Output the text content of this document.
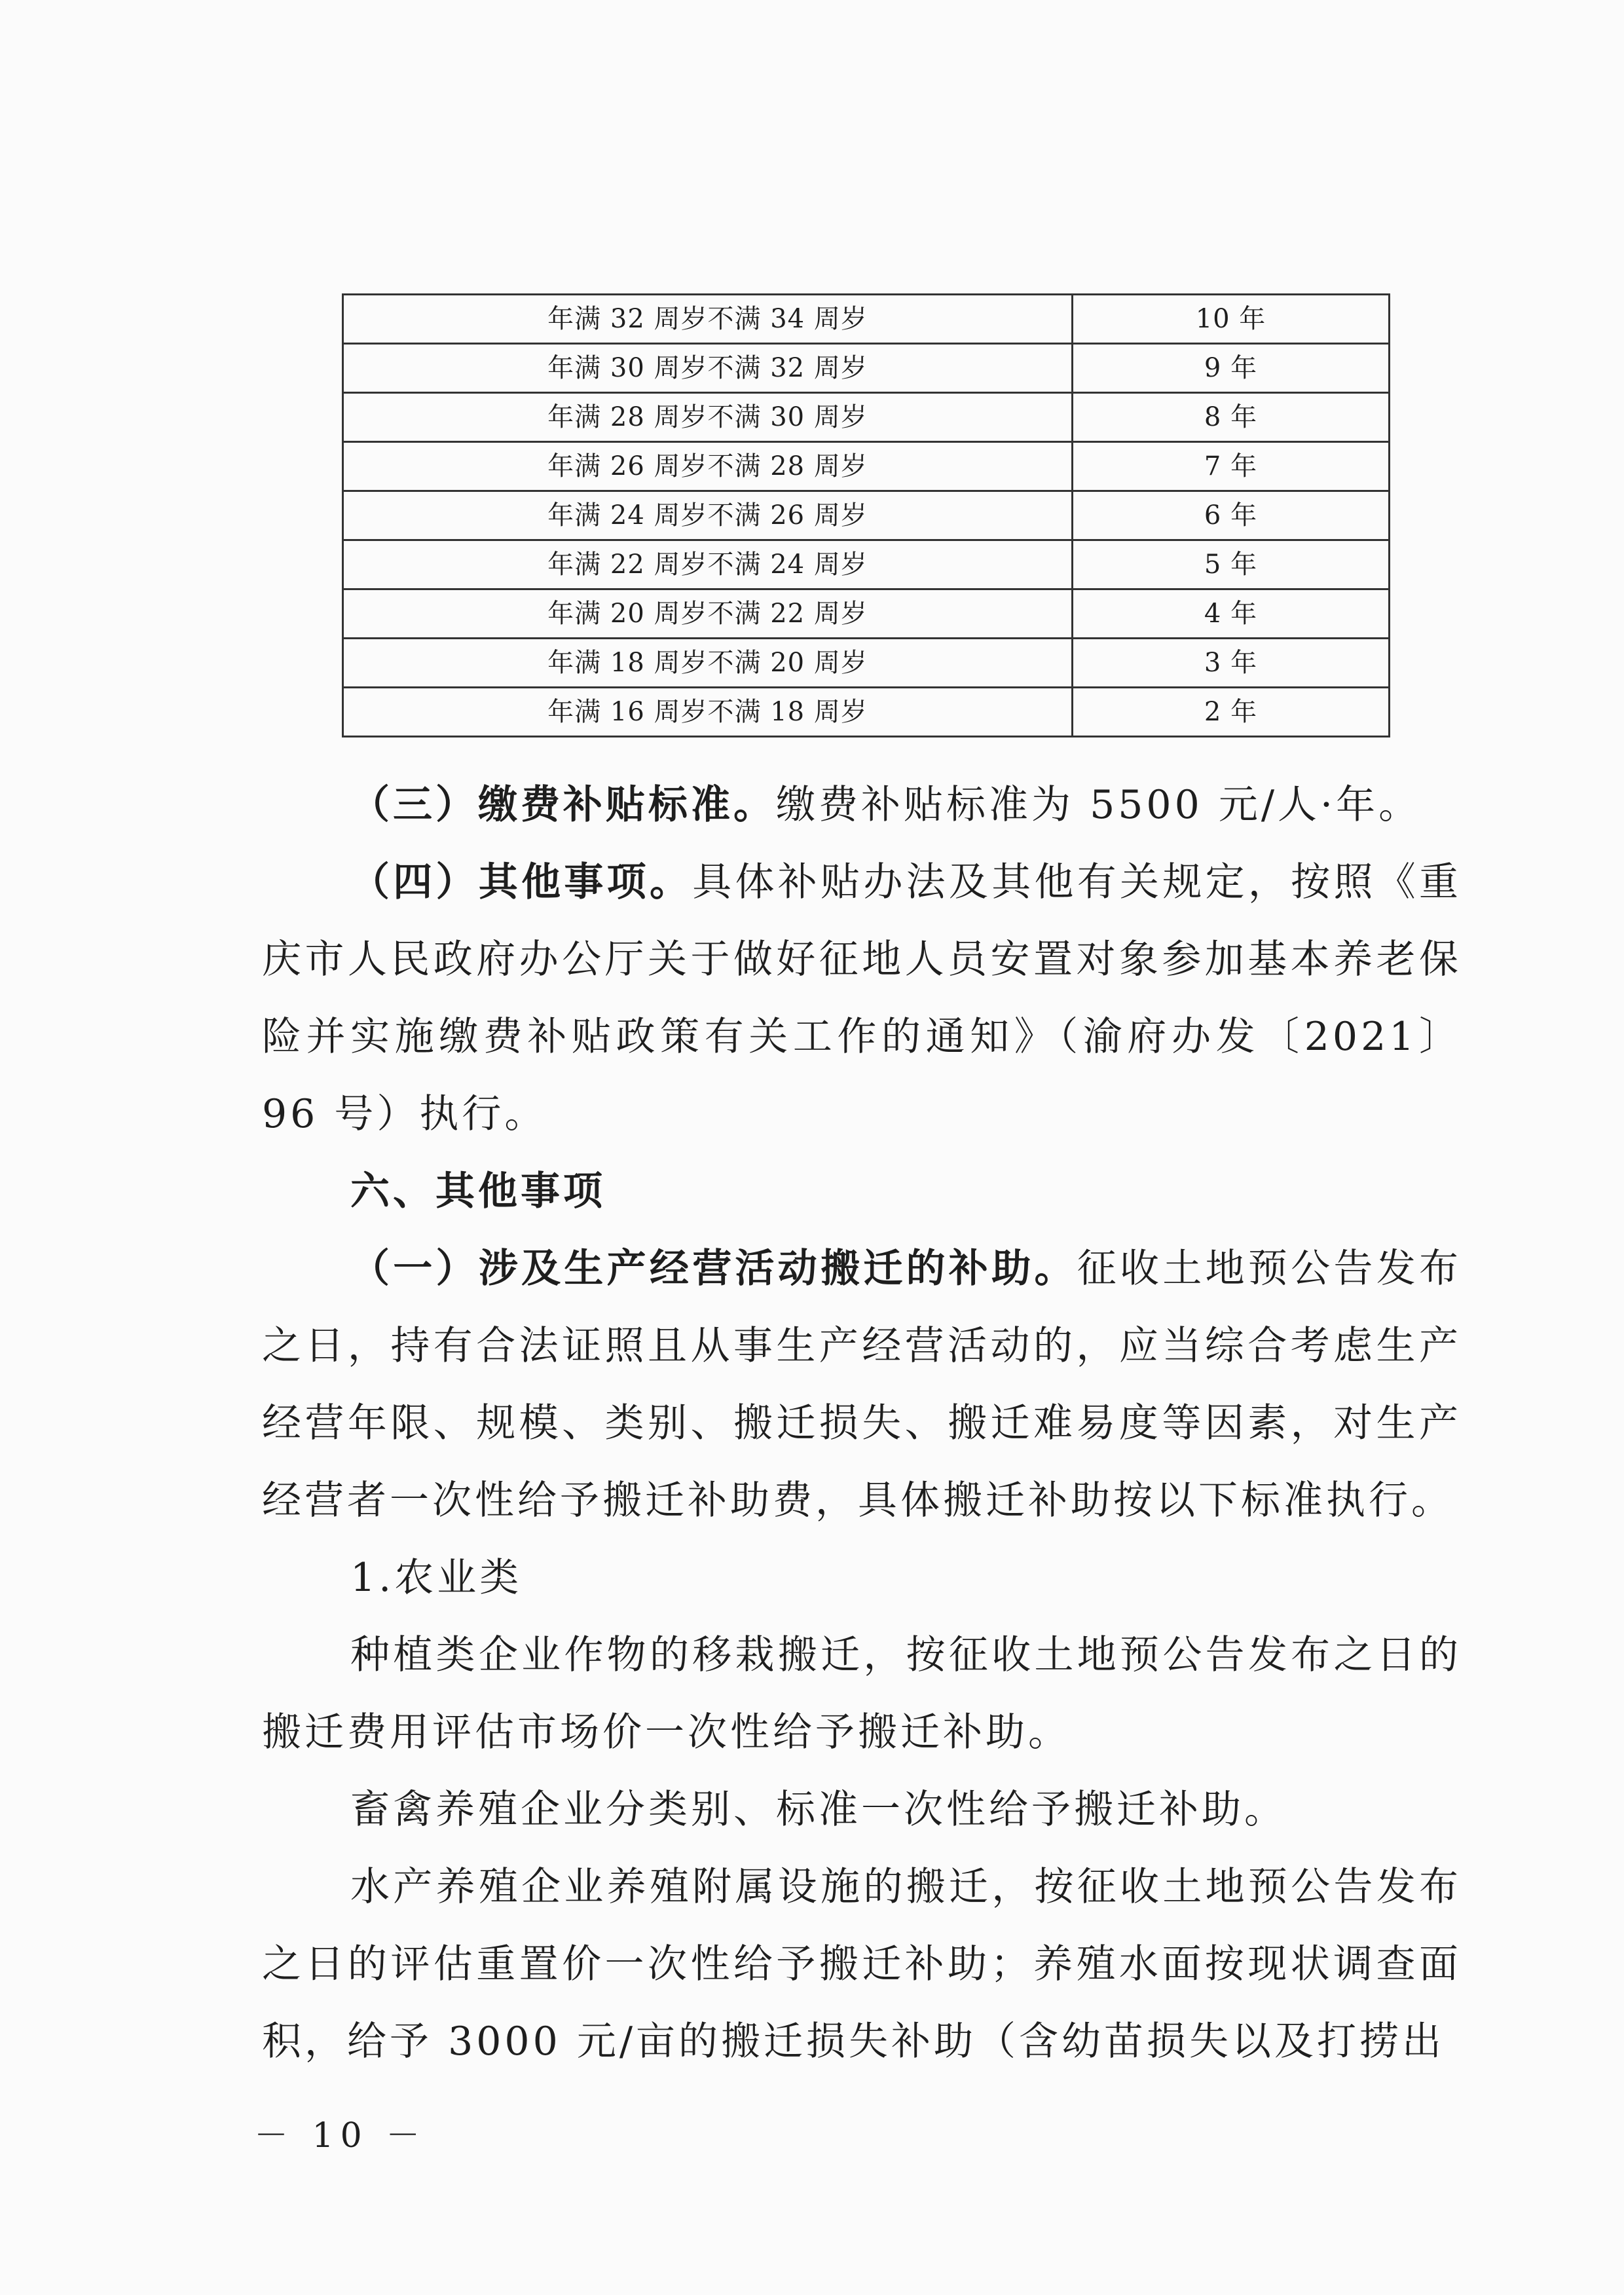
年满 32 周岁不满 34 周岁	10 年
年满 30 周岁不满 32 周岁	9 年
年满 28 周岁不满 30 周岁	8 年
年满 26 周岁不满 28 周岁	7 年
年满 24 周岁不满 26 周岁	6 年
年满 22 周岁不满 24 周岁	5 年
年满 20 周岁不满 22 周岁	4 年
年满 18 周岁不满 20 周岁	3 年
年满 16 周岁不满 18 周岁	2 年

（三）缴费补贴标准。缴费补贴标准为 5500 元/人·年。

（四）其他事项。具体补贴办法及其他有关规定，按照《重庆市人民政府办公厅关于做好征地人员安置对象参加基本养老保险并实施缴费补贴政策有关工作的通知》（渝府办发〔2021〕96 号）执行。

六、其他事项

（一）涉及生产经营活动搬迁的补助。征收土地预公告发布之日，持有合法证照且从事生产经营活动的，应当综合考虑生产经营年限、规模、类别、搬迁损失、搬迁难易度等因素，对生产经营者一次性给予搬迁补助费，具体搬迁补助按以下标准执行。

1.农业类

种植类企业作物的移栽搬迁，按征收土地预公告发布之日的搬迁费用评估市场价一次性给予搬迁补助。

畜禽养殖企业分类别、标准一次性给予搬迁补助。

水产养殖企业养殖附属设施的搬迁，按征收土地预公告发布之日的评估重置价一次性给予搬迁补助；养殖水面按现状调查面积，给予 3000 元/亩的搬迁损失补助（含幼苗损失以及打捞出

－ 10 －
